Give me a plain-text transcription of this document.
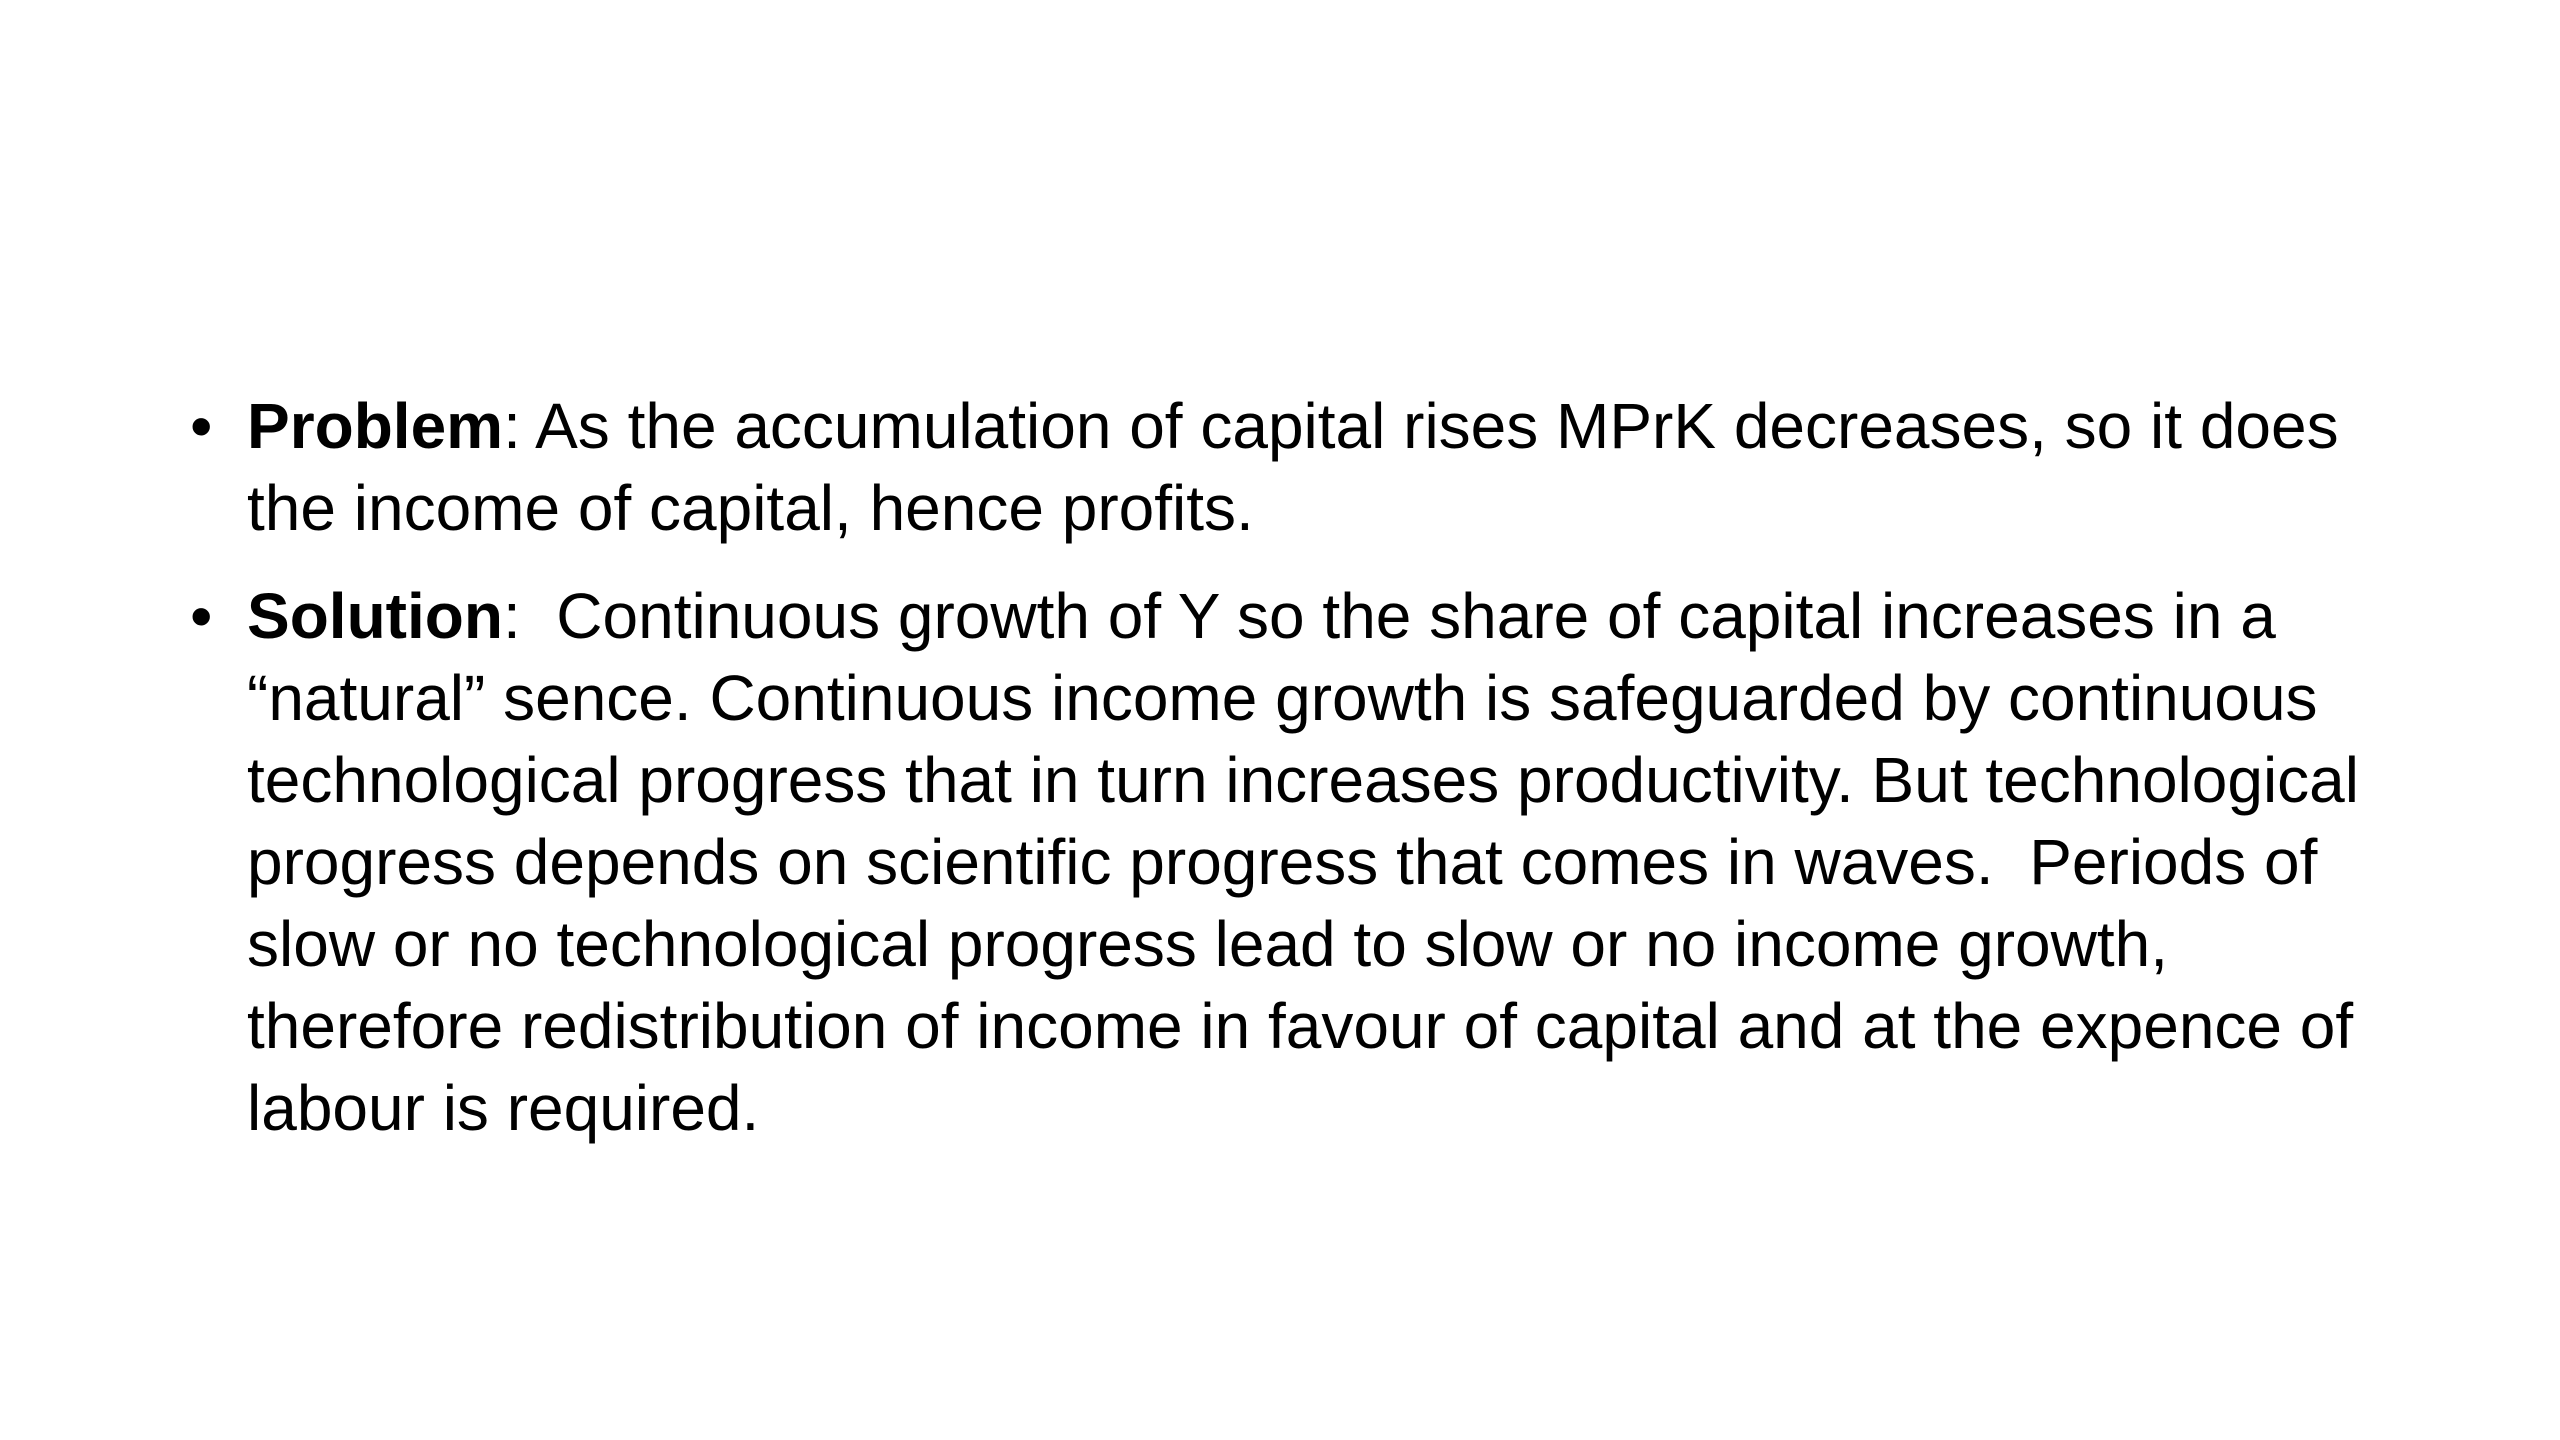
•
Problem: As the accumulation of capital rises MPrK decreases, so it does the income of capital, hence profits.
•
Solution:  Continuous growth of Y so the share of capital increases in a “natural” sence. Continuous income growth is safeguarded by continuous technological progress that in turn increases productivity. But technological progress depends on scientific progress that comes in waves.  Periods of slow or no technological progress lead to slow or no income growth, therefore redistribution of income in favour of capital and at the expence of labour is required.
